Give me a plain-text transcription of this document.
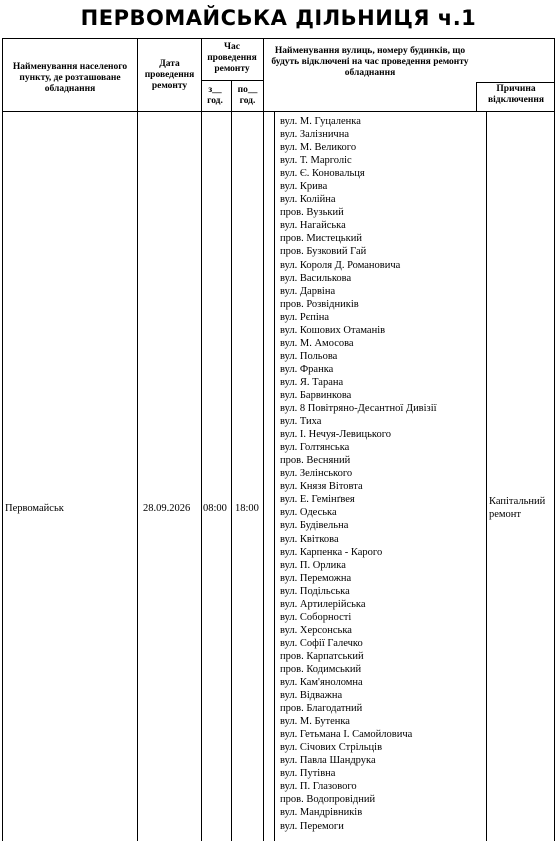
ПЕРВОМАЙСЬКА ДІЛЬНИЦЯ ч.1
Найменування населеного пункту, де розташоване обладнання
Дата проведення ремонту
Час проведення ремонту
з__ год.
по__ год.
Найменування вулиць, номеру будинків, що будуть відключені на час проведення ремонту обладнання
Причина відключення
Первомайськ	28.09.2026 08:00 18:00
Капітальний ремонт
вул. М. Гуцаленка
вул. Залізнична
вул. М. Великого
вул. Т. Марголіс
вул. Є. Коновальця
вул. Крива
вул. Колійна
пров. Вузький
вул. Нагайська
пров. Мистецький
пров. Бузковий Гай
вул. Короля Д. Романовича
вул. Василькова
вул. Дарвіна
пров. Розвідників
вул. Рєпіна
вул. Кошових Отаманів
вул. М. Амосова
вул. Польова
вул. Франка
вул. Я. Тарана
вул. Барвинкова
вул. 8 Повітряно-Десантної Дивізії
вул. Тиха
вул. І. Нечуя-Левицького
вул. Голтянська
пров. Весняний
вул. Зелінського
вул. Князя Вітовта
вул. Е. Гемінґвея
вул. Одеська
вул. Будівельна
вул. Квіткова
вул. Карпенка - Карого
вул. П. Орлика
вул. Переможна
вул. Подільська
вул. Артилерійська
вул. Соборності
вул. Херсонська
вул. Софії Галечко
пров. Карпатський
пров. Кодимський
вул. Кам'яноломна
вул. Відважна
пров. Благодатний
вул. М. Бутенка
вул. Гетьмана І. Самойловича
вул. Січових Стрільців
вул. Павла Шандрука
вул. Путівна
вул. П. Глазового
пров. Водопровідний
вул. Мандрівників
вул. Перемоги
